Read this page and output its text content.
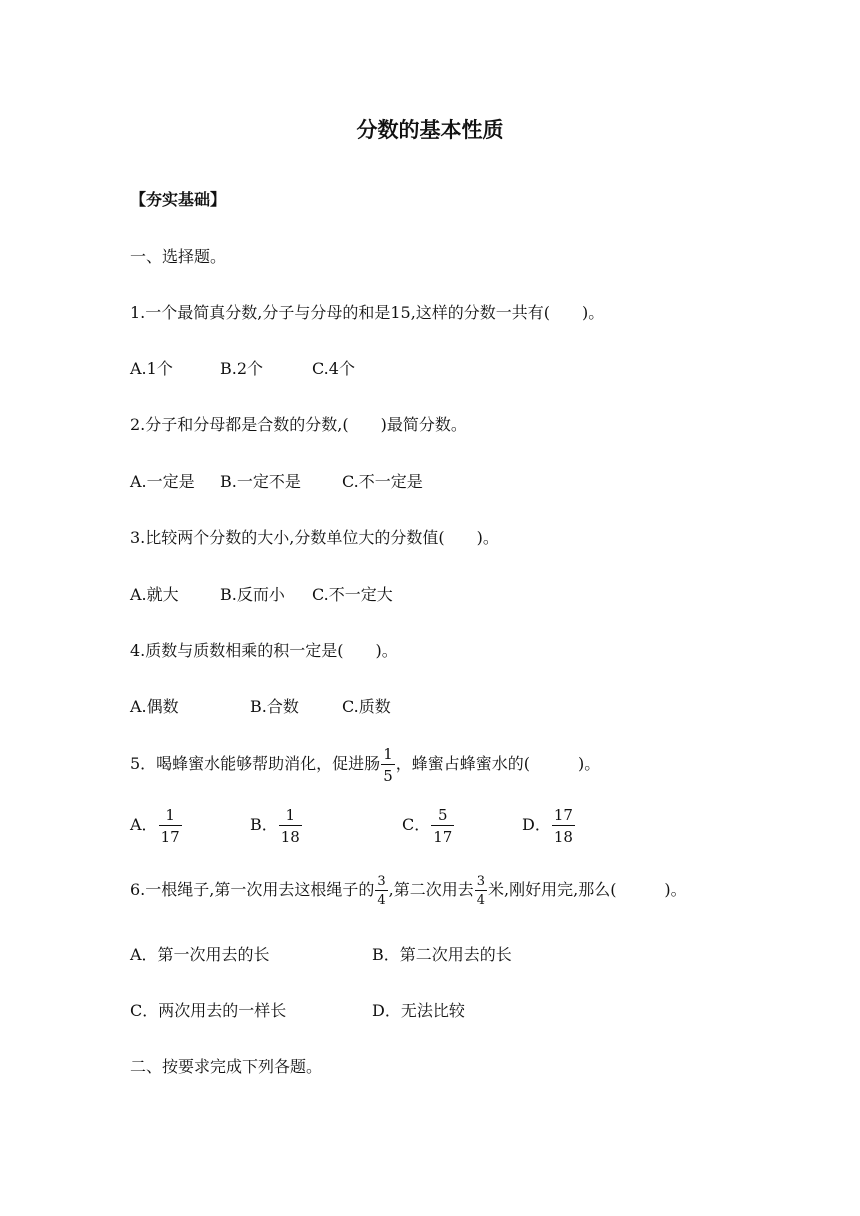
分数的基本性质
【夯实基础】
一、选择题。
1.一个最简真分数,分子与分母的和是15,这样的分数一共有(　　)。
A.1个	B.2个	C.4个
2.分子和分母都是合数的分数,(　　)最简分数。
A.一定是 B.一定不是	C.不一定是
3.比较两个分数的大小,分数单位大的分数值(　　)。
A.就大	B.反而小 C.不一定大
4.质数与质数相乘的积一定是(　　)。
A.偶数	B.合数	C.质数
5．喝蜂蜜水能够帮助消化，促进肠 $\frac{1}{5}$ ，蜂蜜占蜂蜜水的(　　　)。
A． $\frac{1}{17}$	B． $\frac{1}{18}$	C． $\frac{5}{17}$	D． $\frac{17}{18}$
6.一根绳子,第一次用去这根绳子的 $\frac{3}{4}$ ,第二次用去 $\frac{3}{4}$ 米,刚好用完,那么(　　　)。
A．第一次用去的长	B．第二次用去的长
C．两次用去的一样长	D．无法比较
二、按要求完成下列各题。
